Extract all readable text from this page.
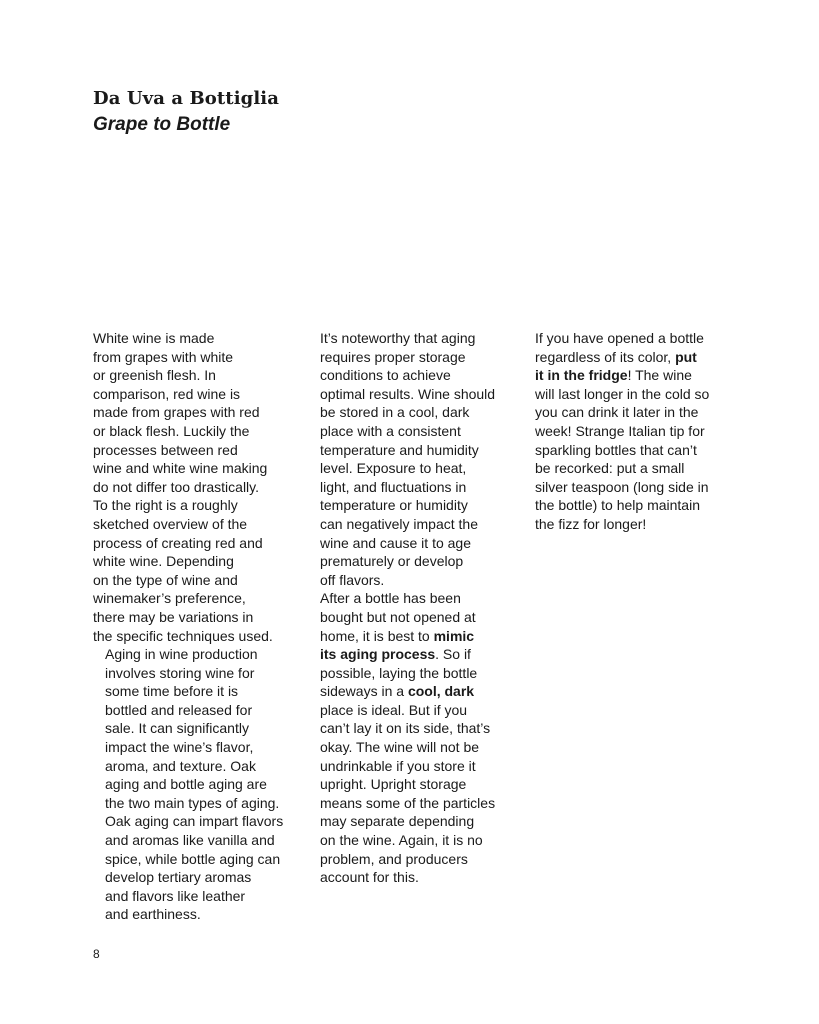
Da Uva a Bottiglia
Grape to Bottle

White wine is made
from grapes with white
or greenish flesh. In
comparison, red wine is
made from grapes with red
or black flesh. Luckily the
processes between red
wine and white wine making
do not differ too drastically.
To the right is a roughly
sketched overview of the
process of creating red and
white wine. Depending
on the type of wine and
winemaker’s preference,
there may be variations in
the specific techniques used.

Aging in wine production
involves storing wine for
some time before it is
bottled and released for
sale. It can significantly
impact the wine’s flavor,
aroma, and texture. Oak
aging and bottle aging are
the two main types of aging.
Oak aging can impart flavors
and aromas like vanilla and
spice, while bottle aging can
develop tertiary aromas
and flavors like leather
and earthiness.

It’s noteworthy that aging
requires proper storage
conditions to achieve
optimal results. Wine should
be stored in a cool, dark
place with a consistent
temperature and humidity
level. Exposure to heat,
light, and fluctuations in
temperature or humidity
can negatively impact the
wine and cause it to age
prematurely or develop
off flavors.

After a bottle has been
bought but not opened at
home, it is best to mimic
its aging process. So if
possible, laying the bottle
sideways in a cool, dark
place is ideal. But if you
can’t lay it on its side, that’s
okay. The wine will not be
undrinkable if you store it
upright. Upright storage
means some of the particles
may separate depending
on the wine. Again, it is no
problem, and producers
account for this.

If you have opened a bottle
regardless of its color, put
it in the fridge! The wine
will last longer in the cold so
you can drink it later in the
week! Strange Italian tip for
sparkling bottles that can’t
be recorked: put a small
silver teaspoon (long side in
the bottle) to help maintain
the fizz for longer!

8
